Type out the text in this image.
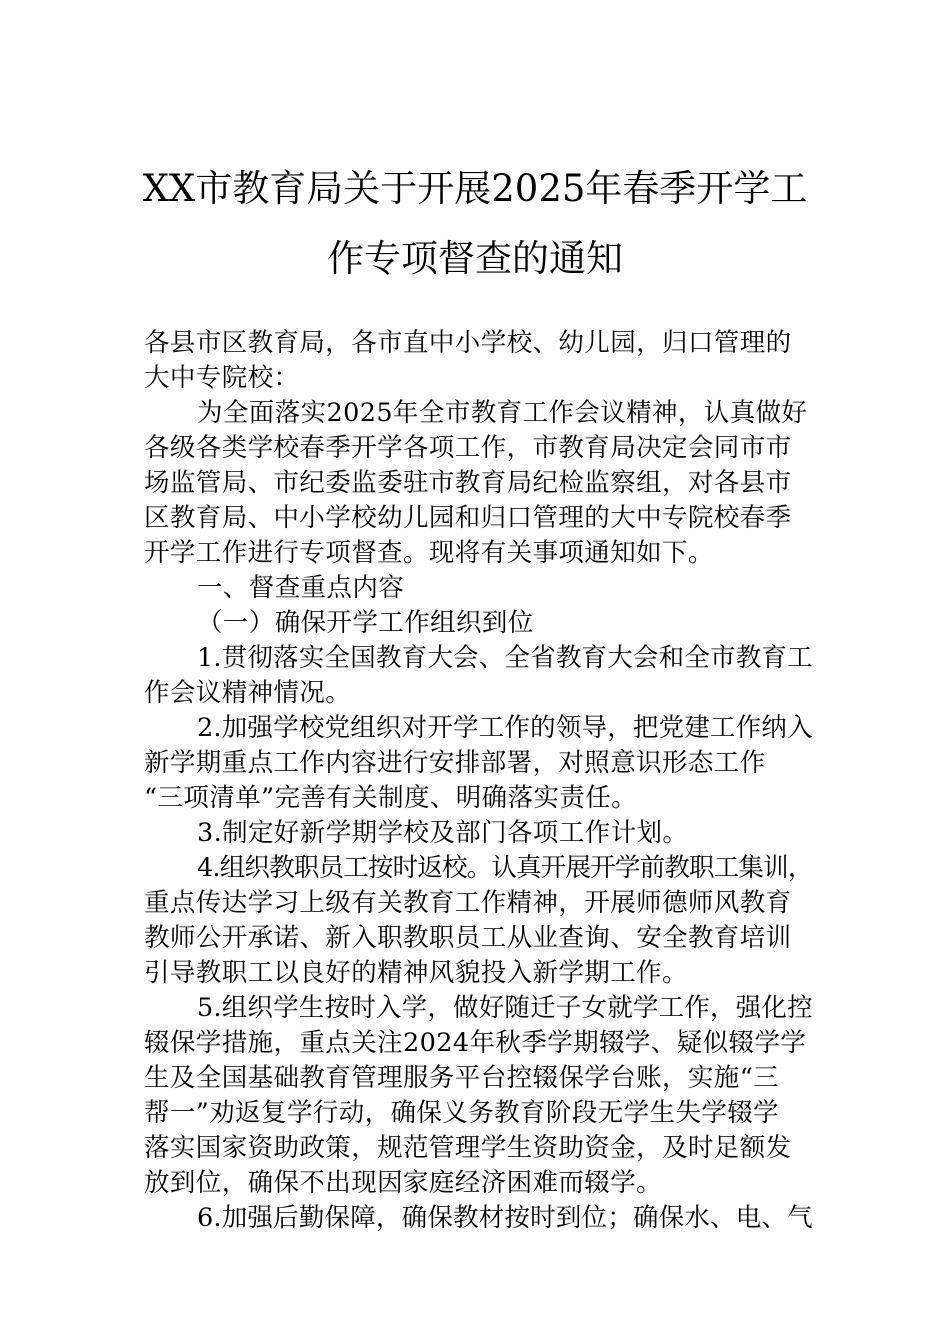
XX市教育局关于开展2025年春季开学工
作专项督查的通知
各县市区教育局，各市直中小学校、幼儿园，归口管理的
大中专院校：
为全面落实2025年全市教育工作会议精神，认真做好
各级各类学校春季开学各项工作，市教育局决定会同市市
场监管局、市纪委监委驻市教育局纪检监察组，对各县市
区教育局、中小学校幼儿园和归口管理的大中专院校春季
开学工作进行专项督查。现将有关事项通知如下。
一、督查重点内容
（一）确保开学工作组织到位
1.贯彻落实全国教育大会、全省教育大会和全市教育工
作会议精神情况。
2.加强学校党组织对开学工作的领导，把党建工作纳入
新学期重点工作内容进行安排部署，对照意识形态工作
“三项清单”完善有关制度、明确落实责任。
3.制定好新学期学校及部门各项工作计划。
4.组织教职员工按时返校。认真开展开学前教职工集训，
重点传达学习上级有关教育工作精神，开展师德师风教育
教师公开承诺、新入职教职员工从业查询、安全教育培训
引导教职工以良好的精神风貌投入新学期工作。
5.组织学生按时入学，做好随迁子女就学工作，强化控
辍保学措施，重点关注2024年秋季学期辍学、疑似辍学学
生及全国基础教育管理服务平台控辍保学台账，实施“三
帮一”劝返复学行动，确保义务教育阶段无学生失学辍学
落实国家资助政策，规范管理学生资助资金，及时足额发
放到位，确保不出现因家庭经济困难而辍学。
6.加强后勤保障，确保教材按时到位；确保水、电、气
